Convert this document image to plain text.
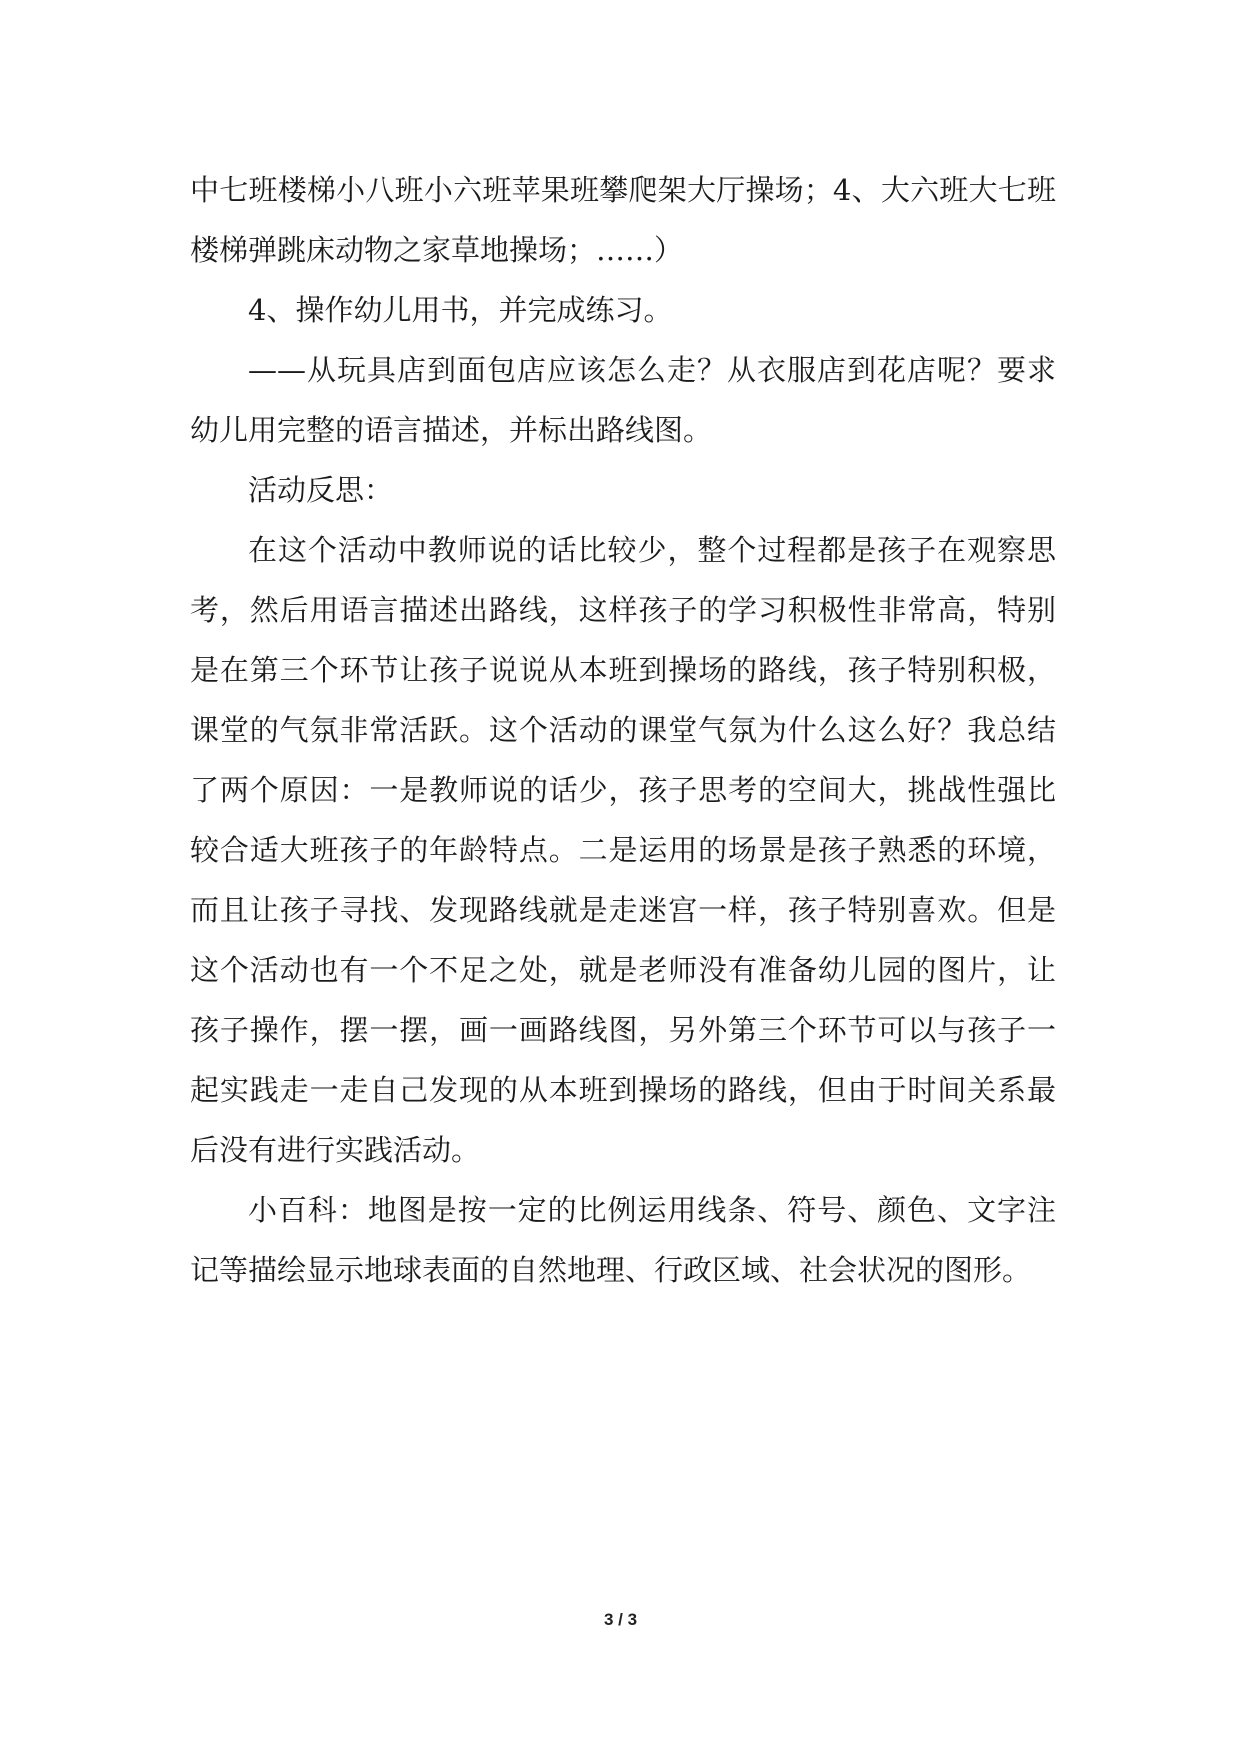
中七班楼梯小八班小六班苹果班攀爬架大厅操场；4、大六班大七班楼梯弹跳床动物之家草地操场；……）

4、操作幼儿用书，并完成练习。

——从玩具店到面包店应该怎么走？从衣服店到花店呢？要求幼儿用完整的语言描述，并标出路线图。

活动反思：

在这个活动中教师说的话比较少，整个过程都是孩子在观察思考，然后用语言描述出路线，这样孩子的学习积极性非常高，特别是在第三个环节让孩子说说从本班到操场的路线，孩子特别积极，课堂的气氛非常活跃。这个活动的课堂气氛为什么这么好？我总结了两个原因：一是教师说的话少，孩子思考的空间大，挑战性强比较合适大班孩子的年龄特点。二是运用的场景是孩子熟悉的环境，而且让孩子寻找、发现路线就是走迷宫一样，孩子特别喜欢。但是这个活动也有一个不足之处，就是老师没有准备幼儿园的图片，让孩子操作，摆一摆，画一画路线图，另外第三个环节可以与孩子一起实践走一走自己发现的从本班到操场的路线，但由于时间关系最后没有进行实践活动。

小百科：地图是按一定的比例运用线条、符号、颜色、文字注记等描绘显示地球表面的自然地理、行政区域、社会状况的图形。

3 / 3
